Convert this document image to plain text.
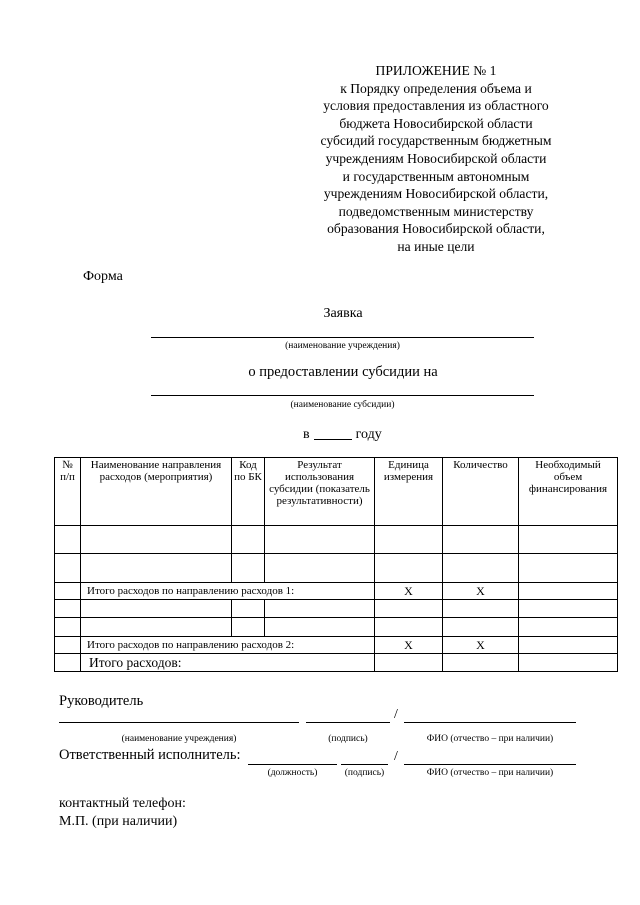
ПРИЛОЖЕНИЕ № 1
к Порядку определения объема и
условия предоставления из областного
бюджета Новосибирской области
субсидий государственным бюджетным
учреждениям Новосибирской области
и государственным автономным
учреждениям Новосибирской области,
подведомственным министерству
образования Новосибирской области,
на иные цели
Форма
Заявка
(наименование учреждения)
о предоставлении субсидии на
(наименование субсидии)
в	году
№ п/п	Наименование направления расходов (мероприятия)	Код по БК	Результат использования субсидии (показатель результативности)	Единица измерения	Количество	Необходимый объем финансирования

	Итого расходов по направлению расходов 1:			Х	Х	

	Итого расходов по направлению расходов 2:			Х	Х	
	Итого расходов:					
Руководитель
/
(наименование учреждения)	(подпись)	ФИО (отчество – при наличии)
Ответственный исполнитель:	/
(должность)	(подпись)	ФИО (отчество – при наличии)
контактный телефон:
М.П. (при наличии)
